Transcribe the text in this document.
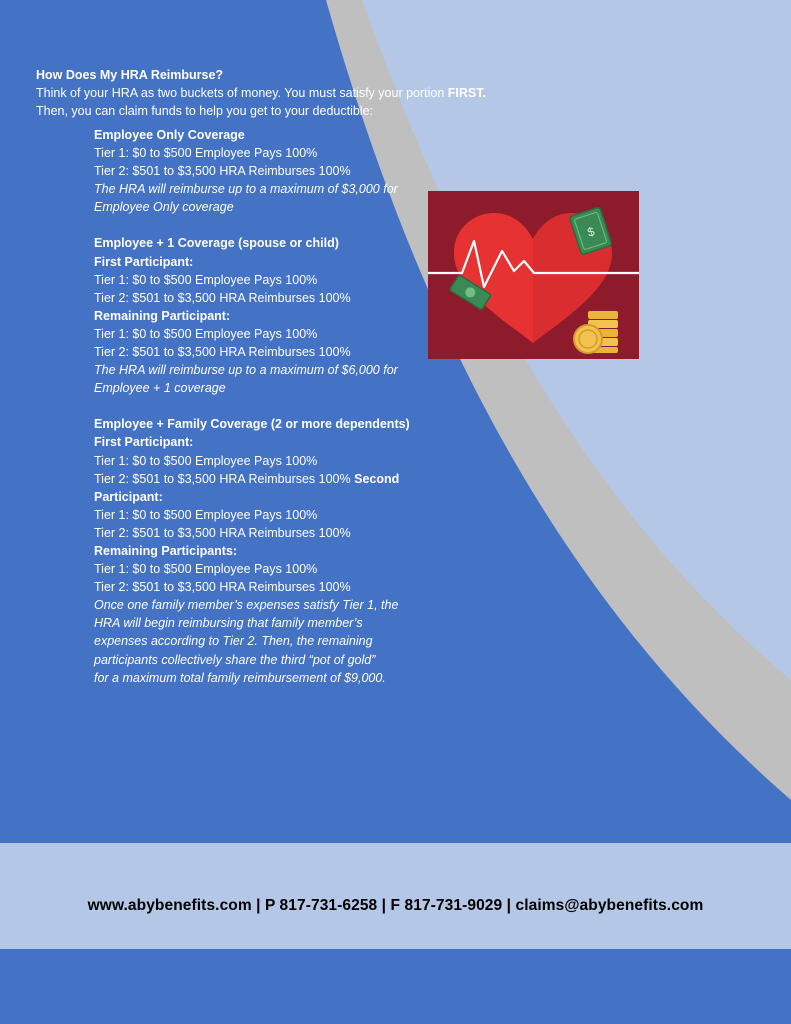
How Does My HRA Reimburse?
Think of your HRA as two buckets of money. You must satisfy your portion FIRST.
Then, you can claim funds to help you get to your deductible:
Employee Only Coverage
Tier 1: $0 to $500 Employee Pays 100%
Tier 2: $501 to $3,500 HRA Reimburses 100%
The HRA will reimburse up to a maximum of $3,000 for
Employee Only coverage
Employee + 1 Coverage (spouse or child)
First Participant:
Tier 1: $0 to $500 Employee Pays 100%
Tier 2: $501 to $3,500 HRA Reimburses 100%
Remaining Participant:
Tier 1: $0 to $500 Employee Pays 100%
Tier 2: $501 to $3,500 HRA Reimburses 100%
The HRA will reimburse up to a maximum of $6,000 for
Employee + 1 coverage
Employee + Family Coverage (2 or more dependents)
First Participant:
Tier 1: $0 to $500 Employee Pays 100%
Tier 2: $501 to $3,500 HRA Reimburses 100% Second
Participant:
Tier 1: $0 to $500 Employee Pays 100%
Tier 2: $501 to $3,500 HRA Reimburses 100%
Remaining Participants:
Tier 1: $0 to $500 Employee Pays 100%
Tier 2: $501 to $3,500 HRA Reimburses 100%
Once one family member’s expenses satisfy Tier 1, the
HRA will begin reimbursing that family member’s
expenses according to Tier 2. Then, the remaining
participants collectively share the third “pot of gold”
for a maximum total family reimbursement of $9,000.
$
www.abybenefits.com | P 817-731-6258 | F 817-731-9029 | claims@abybenefits.com
